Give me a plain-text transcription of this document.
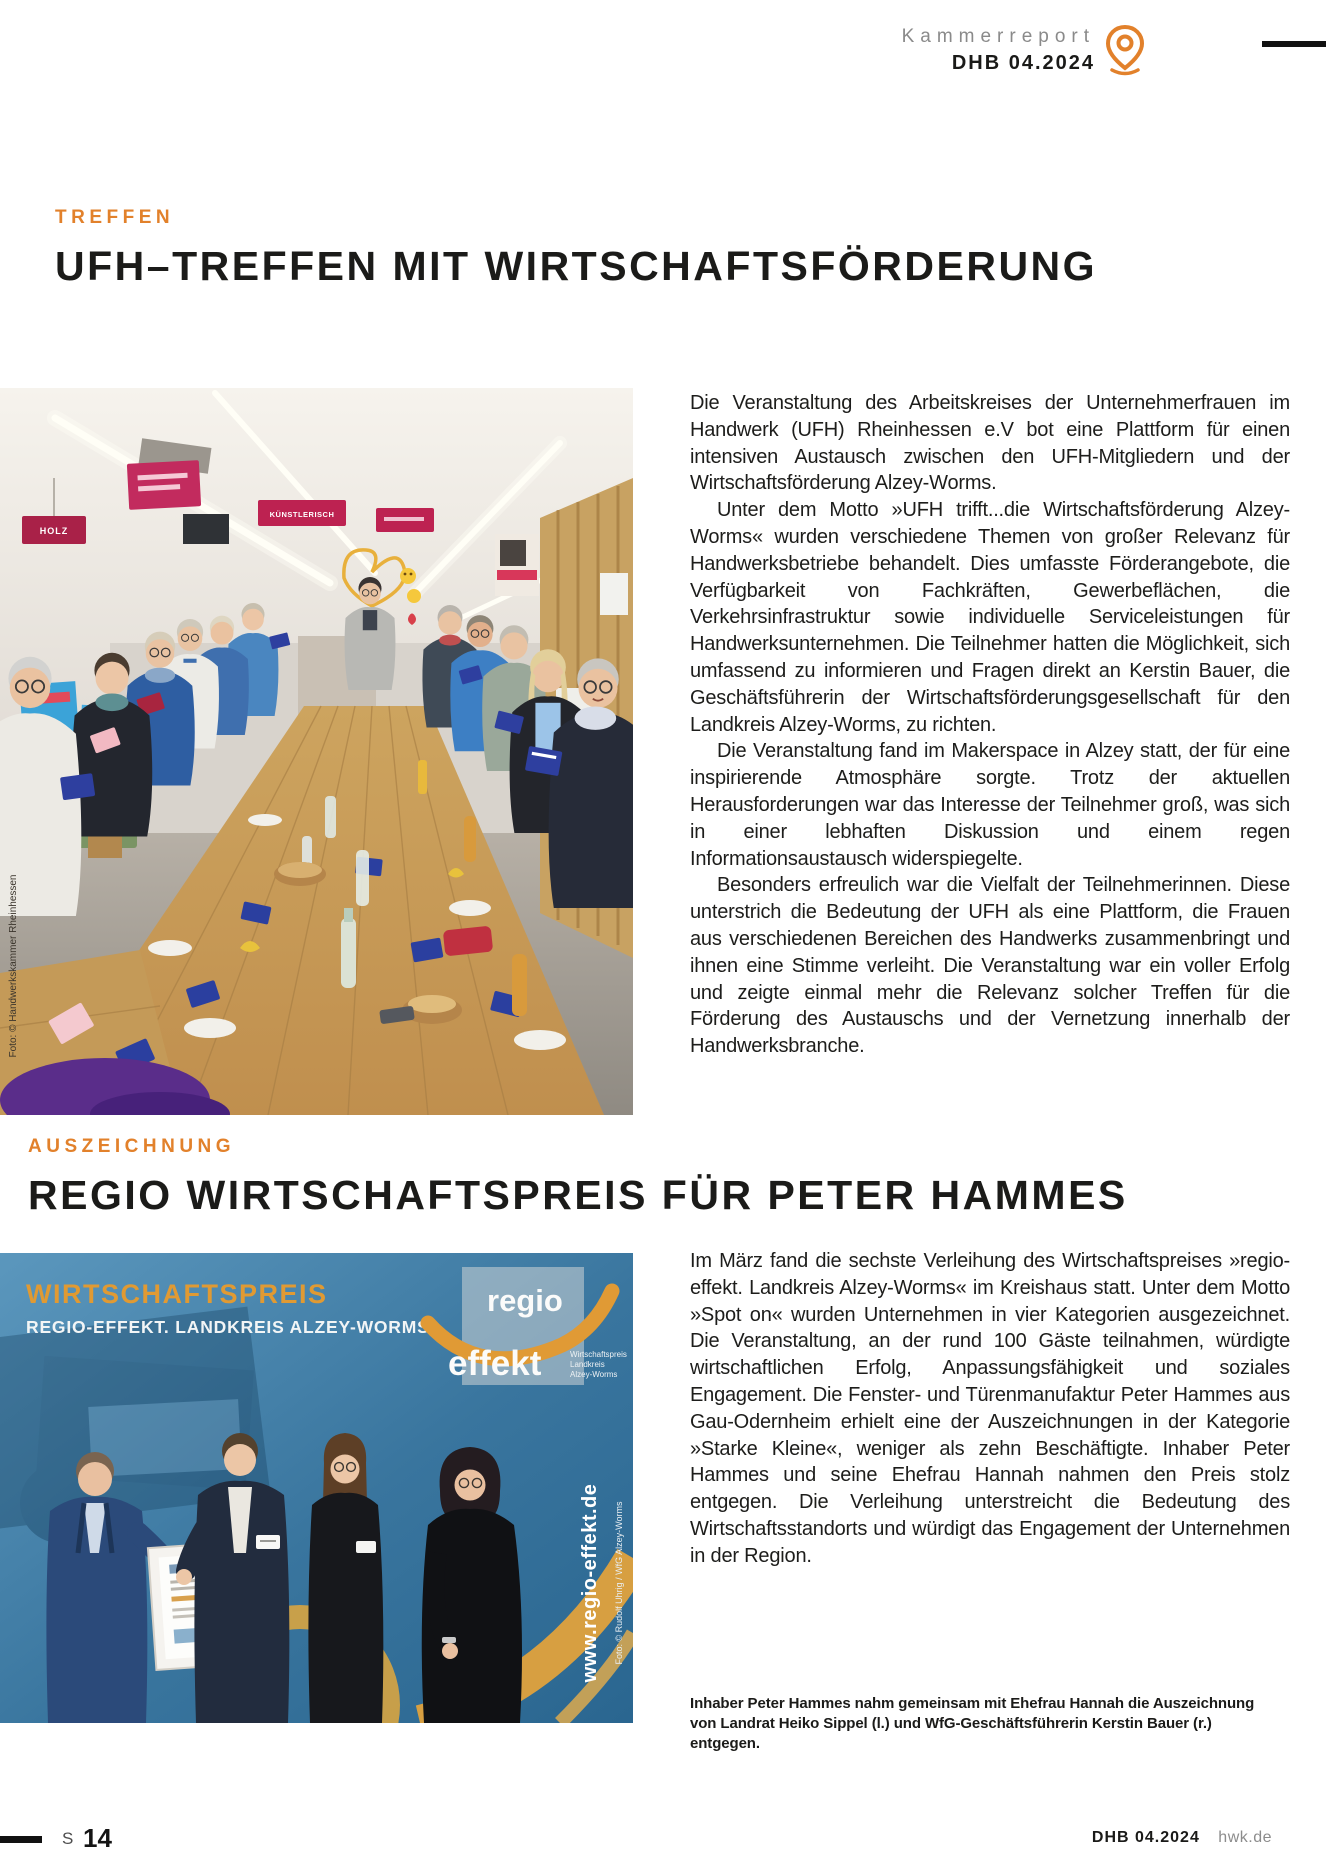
Kammerreport
DHB 04.2024
TREFFEN
UFH–TREFFEN MIT WIRTSCHAFTSFÖRDERUNG
HOLZ
KÜNSTLERISCH
Foto: © Handwerkskammer Rheinhessen

Die Veranstaltung des Arbeitskreises der Unternehmerfrauen im Handwerk (UFH) Rheinhessen e.V bot eine Plattform für einen intensiven Austausch zwischen den UFH-Mitgliedern und der Wirtschaftsförderung Alzey-Worms.

Unter dem Motto »UFH trifft...die Wirtschaftsförderung Alzey-Worms« wurden verschiedene Themen von großer Relevanz für Handwerksbetriebe behandelt. Dies umfasste Förderangebote, die Verfügbarkeit von Fachkräften, Gewerbeflächen, die Verkehrsinfrastruktur sowie individuelle Serviceleistungen für Handwerksunternehmen. Die Teilnehmer hatten die Möglichkeit, sich umfassend zu informieren und Fragen direkt an Kerstin Bauer, die Geschäftsführerin der Wirtschaftsförderungsgesellschaft für den Landkreis Alzey-Worms, zu richten.

Die Veranstaltung fand im Makerspace in Alzey statt, der für eine inspirierende Atmosphäre sorgte. Trotz der aktuellen Herausforderungen war das Interesse der Teilnehmer groß, was sich in einer lebhaften Diskussion und einem regen Informationsaustausch widerspiegelte.

Besonders erfreulich war die Vielfalt der Teilnehmerinnen. Diese unterstrich die Bedeutung der UFH als eine Plattform, die Frauen aus verschiedenen Bereichen des Handwerks zusammenbringt und ihnen eine Stimme verleiht. Die Veranstaltung war ein voller Erfolg und zeigte einmal mehr die Relevanz solcher Treffen für die Förderung des Austauschs und der Vernetzung innerhalb der Handwerksbranche.

AUSZEICHNUNG
REGIO WIRTSCHAFTSPREIS FÜR PETER HAMMES
WIRTSCHAFTSPREIS
REGIO-EFFEKT. LANDKREIS ALZEY-WORMS
regio
effekt	Wirtschaftspreis
Landkreis
Alzey-Worms
www.regio-effekt.de Foto: © Rudolf Uhrig / WfG Alzey-Worms

Im März fand die sechste Verleihung des Wirtschaftspreises »regio-effekt. Landkreis Alzey-Worms« im Kreishaus statt. Unter dem Motto »Spot on« wurden Unternehmen in vier Kategorien ausgezeichnet. Die Veranstaltung, an der rund 100 Gäste teilnahmen, würdigte wirtschaftlichen Erfolg, Anpassungsfähigkeit und soziales Engagement. Die Fenster- und Türenmanufaktur Peter Hammes aus Gau-Odernheim erhielt eine der Auszeichnungen in der Kategorie »Starke Kleine«, weniger als zehn Beschäftigte. Inhaber Peter Hammes und seine Ehefrau Hannah nahmen den Preis stolz entgegen. Die Verleihung unterstreicht die Bedeutung des Wirtschaftsstandorts und würdigt das Engagement der Unternehmen in der Region.

Inhaber Peter Hammes nahm gemeinsam mit Ehefrau Hannah die Auszeichnung von Landrat Heiko Sippel (l.) und WfG-Geschäftsführerin Kerstin Bauer (r.) entgegen.
S 14	DHB 04.2024 hwk.de
